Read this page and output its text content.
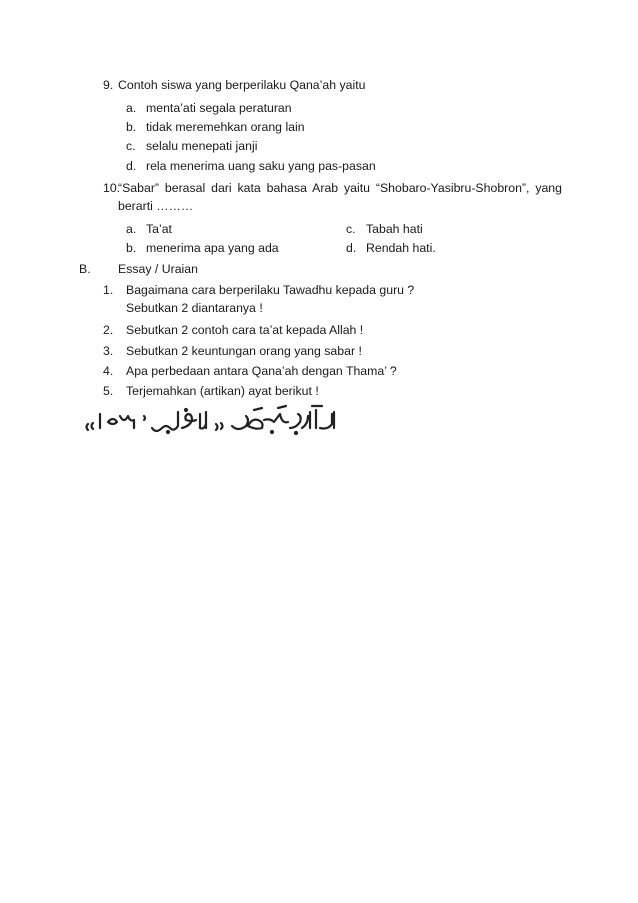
9. Contoh siswa yang berperilaku Qana’ah yaitu
a. menta’ati segala peraturan
b. tidak meremehkan orang lain
c. selalu menepati janji
d. rela menerima uang saku yang pas-pasan
10.
“Sabar” berasal dari kata bahasa Arab yaitu “Shobaro-Yasibru-Shobron”, yang
berarti ………
a. Ta’at
b. menerima apa yang ada
c. Tabah hati
d. Rendah hati.
B. Essay / Uraian
1. Bagaimana cara berperilaku Tawadhu kepada guru ?
Sebutkan 2 diantaranya !
2. Sebutkan 2 contoh cara ta’at kepada Allah !
3. Sebutkan 2 keuntungan orang yang sabar !
4. Apa perbedaan antara Qana’ah dengan Thama’ ?
5. Terjemahkan (artikan) ayat berikut !
